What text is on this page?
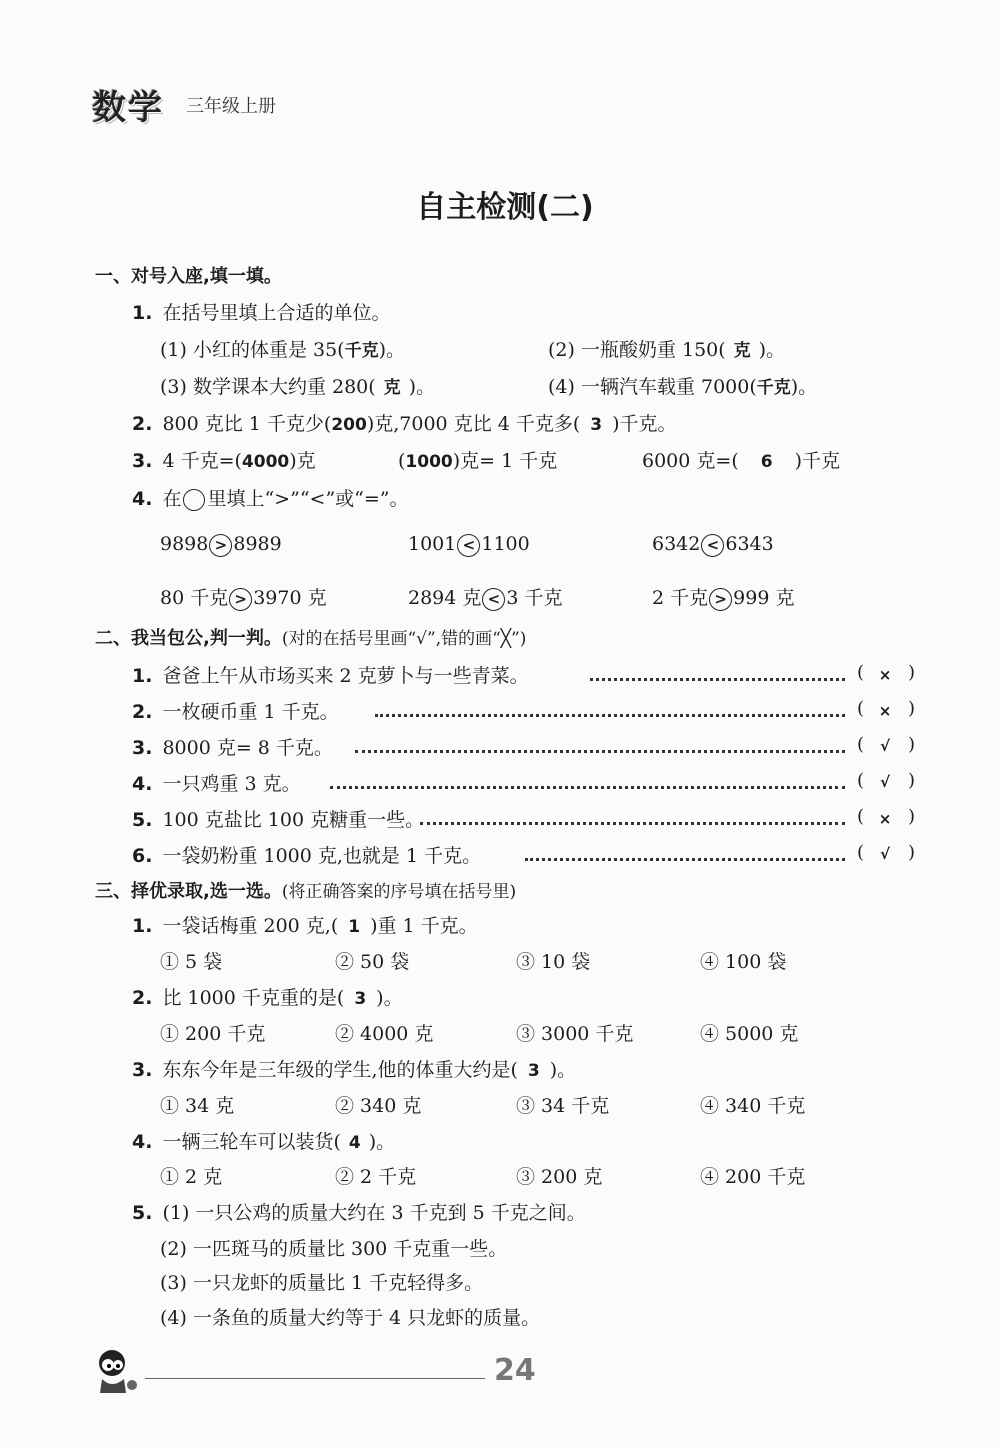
数学 三年级上册
自主检测(二)
一、对号入座,填一填。
1. 在括号里填上合适的单位。
(1) 小红的体重是 35(千克)。	(2) 一瓶酸奶重 150( 克 )。
(3) 数学课本大约重 280( 克 )。	(4) 一辆汽车载重 7000(千克)。
2. 800 克比 1 千克少(200)克,7000 克比 4 千克多( 3 )千克。
3. 4 千克=(4000)克	(1000)克= 1 千克	6000 克=( 6 )千克
4. 在 里填上“>”“<”或“=”。
9898 > 8989	1001 < 1100	6342 < 6343
80 千克 > 3970 克	2894 克 < 3 千克	2 千克 > 999 克
二、我当包公,判一判。(对的在括号里画“√”,错的画“╳”)
1. 爸爸上午从市场买来 2 克萝卜与一些青菜。	( × )
2. 一枚硬币重 1 千克。	( × )
3. 8000 克= 8 千克。	(	√	)
4. 一只鸡重 3 克。	(	√	)
5. 100 克盐比 100 克糖重一些。	( × )
6. 一袋奶粉重 1000 克,也就是 1 千克。	(	√	)
三、择优录取,选一选。(将正确答案的序号填在括号里)
1. 一袋话梅重 200 克,( 1 )重 1 千克。
① 5 袋	② 50 袋	③ 10 袋	④ 100 袋
2. 比 1000 千克重的是( 3 )。
① 200 千克	② 4000 克	③ 3000 千克	④ 5000 克
3. 东东今年是三年级的学生,他的体重大约是( 3 )。
① 34 克	② 340 克	③ 34 千克	④ 340 千克
4. 一辆三轮车可以装货( 4 )。
① 2 克	② 2 千克	③ 200 克	④ 200 千克
5. (1) 一只公鸡的质量大约在 3 千克到 5 千克之间。
(2) 一匹斑马的质量比 300 千克重一些。
(3) 一只龙虾的质量比 1 千克轻得多。
(4) 一条鱼的质量大约等于 4 只龙虾的质量。
24
